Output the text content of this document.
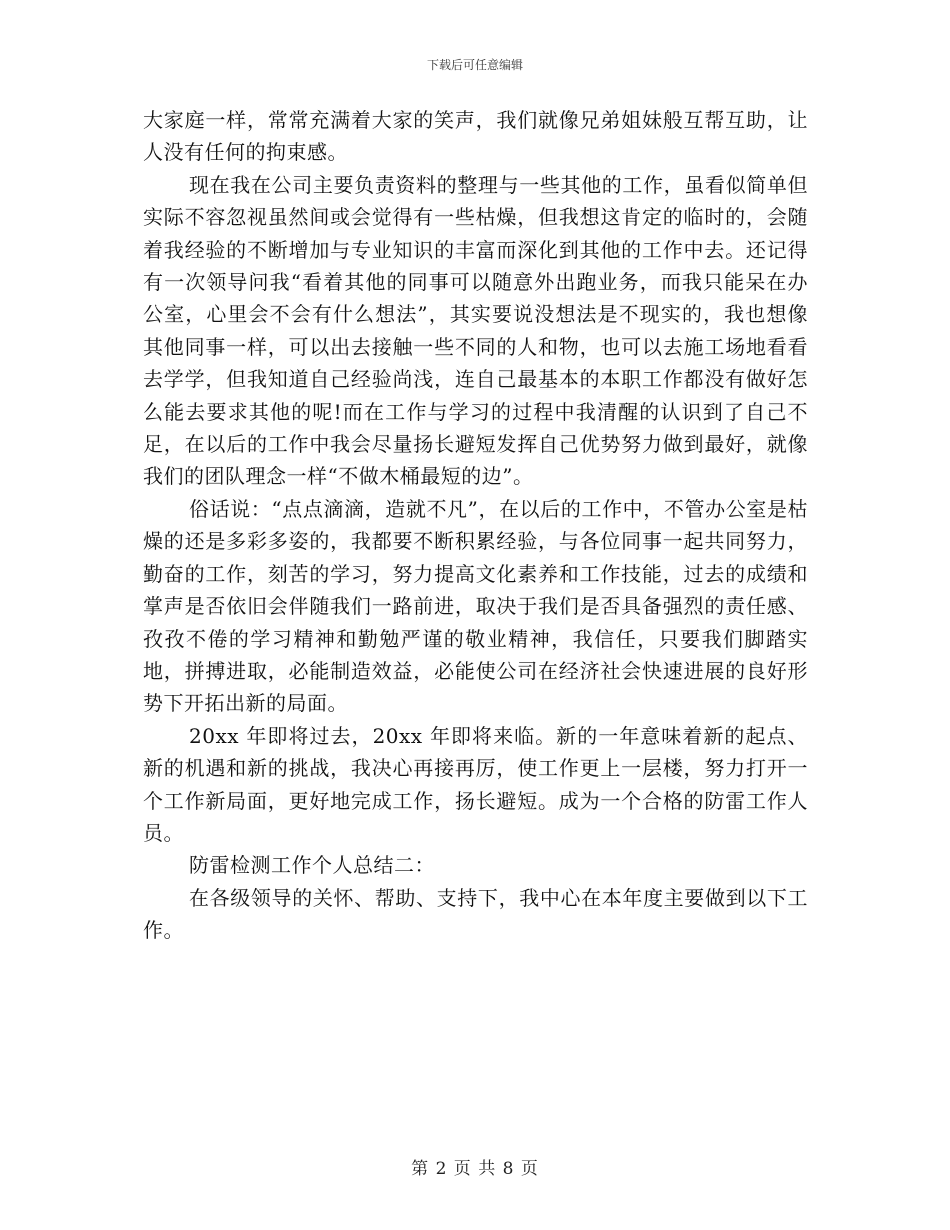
下载后可任意编辑

大家庭一样，常常充满着大家的笑声，我们就像兄弟姐妹般互帮互助，让人没有任何的拘束感。

现在我在公司主要负责资料的整理与一些其他的工作，虽看似简单但实际不容忽视虽然间或会觉得有一些枯燥，但我想这肯定的临时的，会随着我经验的不断增加与专业知识的丰富而深化到其他的工作中去。还记得有一次领导问我“看着其他的同事可以随意外出跑业务，而我只能呆在办公室，心里会不会有什么想法”，其实要说没想法是不现实的，我也想像其他同事一样，可以出去接触一些不同的人和物，也可以去施工场地看看去学学，但我知道自己经验尚浅，连自己最基本的本职工作都没有做好怎么能去要求其他的呢!而在工作与学习的过程中我清醒的认识到了自己不足，在以后的工作中我会尽量扬长避短发挥自己优势努力做到最好，就像我们的团队理念一样“不做木桶最短的边”。

俗话说：“点点滴滴，造就不凡”，在以后的工作中，不管办公室是枯燥的还是多彩多姿的，我都要不断积累经验，与各位同事一起共同努力，勤奋的工作，刻苦的学习，努力提高文化素养和工作技能，过去的成绩和掌声是否依旧会伴随我们一路前进，取决于我们是否具备强烈的责任感、孜孜不倦的学习精神和勤勉严谨的敬业精神，我信任，只要我们脚踏实地，拼搏进取，必能制造效益，必能使公司在经济社会快速进展的良好形势下开拓出新的局面。

20xx 年即将过去，20xx 年即将来临。新的一年意味着新的起点、新的机遇和新的挑战，我决心再接再厉，使工作更上一层楼，努力打开一个工作新局面，更好地完成工作，扬长避短。成为一个合格的防雷工作人员。

防雷检测工作个人总结二：

在各级领导的关怀、帮助、支持下，我中心在本年度主要做到以下工作。

第 2 页 共 8 页
